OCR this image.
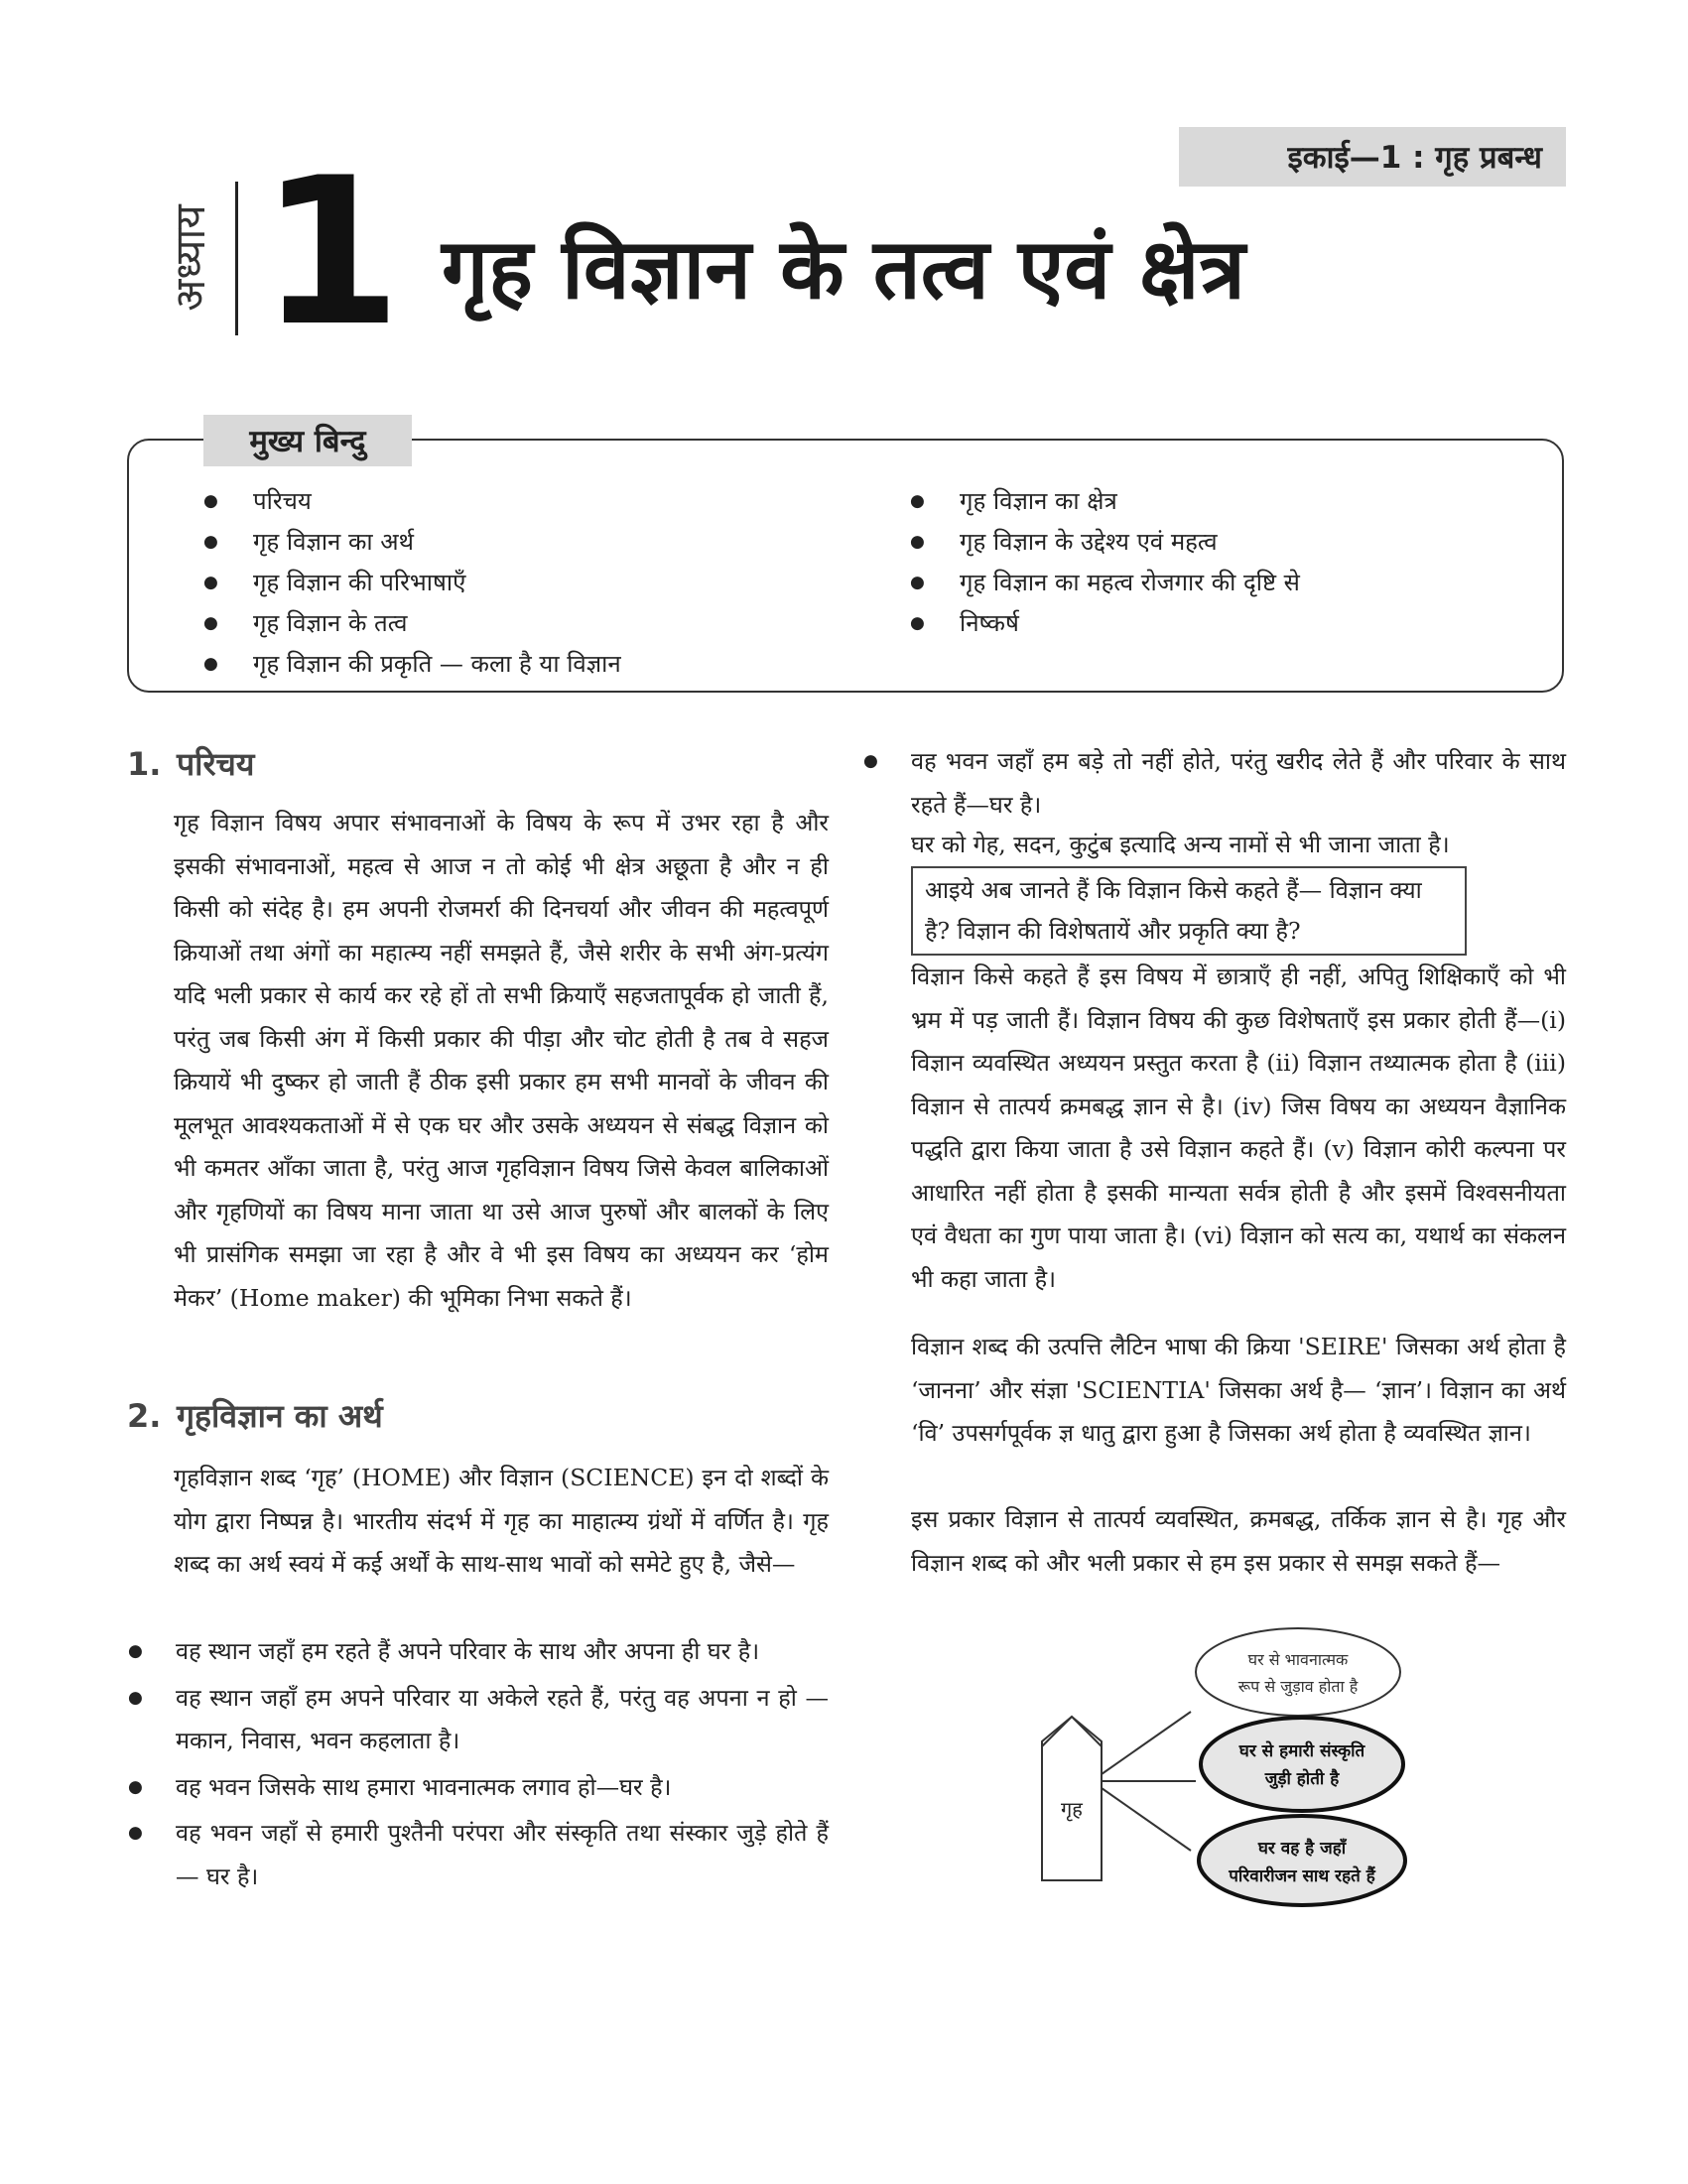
इकाई—1 : गृह प्रबन्ध
अध्याय 1 गृह विज्ञान के तत्व एवं क्षेत्र
मुख्य बिन्दु
● परिचय
● गृह विज्ञान का अर्थ
● गृह विज्ञान की परिभाषाएँ
● गृह विज्ञान के तत्व
● गृह विज्ञान की प्रकृति — कला है या विज्ञान
● गृह विज्ञान का क्षेत्र
● गृह विज्ञान के उद्देश्य एवं महत्व
● गृह विज्ञान का महत्व रोजगार की दृष्टि से
● निष्कर्ष
1. परिचय

गृह विज्ञान विषय अपार संभावनाओं के विषय के रूप में उभर रहा है और इसकी संभावनाओं, महत्व से आज न तो कोई भी क्षेत्र अछूता है और न ही किसी को संदेह है। हम अपनी रोजमर्रा की दिनचर्या और जीवन की महत्वपूर्ण क्रियाओं तथा अंगों का महात्म्य नहीं समझते हैं, जैसे शरीर के सभी अंग-प्रत्यंग यदि भली प्रकार से कार्य कर रहे हों तो सभी क्रियाएँ सहजतापूर्वक हो जाती हैं, परंतु जब किसी अंग में किसी प्रकार की पीड़ा और चोट होती है तब वे सहज क्रियायें भी दुष्कर हो जाती हैं ठीक इसी प्रकार हम सभी मानवों के जीवन की मूलभूत आवश्यकताओं में से एक घर और उसके अध्ययन से संबद्ध विज्ञान को भी कमतर आँका जाता है, परंतु आज गृहविज्ञान विषय जिसे केवल बालिकाओं और गृहणियों का विषय माना जाता था उसे आज पुरुषों और बालकों के लिए भी प्रासंगिक समझा जा रहा है और वे भी इस विषय का अध्ययन कर ‘होम मेकर’ (Home maker) की भूमिका निभा सकते हैं।

2. गृहविज्ञान का अर्थ

गृहविज्ञान शब्द ‘गृह’ (HOME) और विज्ञान (SCIENCE) इन दो शब्दों के योग द्वारा निष्पन्न है। भारतीय संदर्भ में गृह का माहात्म्य ग्रंथों में वर्णित है। गृह शब्द का अर्थ स्वयं में कई अर्थों के साथ-साथ भावों को समेटे हुए है, जैसे—

● वह स्थान जहाँ हम रहते हैं अपने परिवार के साथ और अपना ही घर है।
● वह स्थान जहाँ हम अपने परिवार या अकेले रहते हैं, परंतु वह अपना न हो — मकान, निवास, भवन कहलाता है।
● वह भवन जिसके साथ हमारा भावनात्मक लगाव हो—घर है।
● वह भवन जहाँ से हमारी पुश्तैनी परंपरा और संस्कृति तथा संस्कार जुड़े होते हैं— घर है।
● वह भवन जहाँ हम बड़े तो नहीं होते, परंतु खरीद लेते हैं और परिवार के साथ रहते हैं—घर है।

घर को गेह, सदन, कुटुंब इत्यादि अन्य नामों से भी जाना जाता है।

आइये अब जानते हैं कि विज्ञान किसे कहते हैं— विज्ञान क्या है? विज्ञान की विशेषतायें और प्रकृति क्या है?

विज्ञान किसे कहते हैं इस विषय में छात्राएँ ही नहीं, अपितु शिक्षिकाएँ को भी भ्रम में पड़ जाती हैं। विज्ञान विषय की कुछ विशेषताएँ इस प्रकार होती हैं—(i) विज्ञान व्यवस्थित अध्ययन प्रस्तुत करता है (ii) विज्ञान तथ्यात्मक होता है (iii) विज्ञान से तात्पर्य क्रमबद्ध ज्ञान से है। (iv) जिस विषय का अध्ययन वैज्ञानिक पद्धति द्वारा किया जाता है उसे विज्ञान कहते हैं। (v) विज्ञान कोरी कल्पना पर आधारित नहीं होता है इसकी मान्यता सर्वत्र होती है और इसमें विश्वसनीयता एवं वैधता का गुण पाया जाता है। (vi) विज्ञान को सत्य का, यथार्थ का संकलन भी कहा जाता है।

विज्ञान शब्द की उत्पत्ति लैटिन भाषा की क्रिया 'SEIRE' जिसका अर्थ होता है ‘जानना’ और संज्ञा 'SCIENTIA' जिसका अर्थ है— ‘ज्ञान’। विज्ञान का अर्थ ‘वि’ उपसर्गपूर्वक ज्ञ धातु द्वारा हुआ है जिसका अर्थ होता है व्यवस्थित ज्ञान।

इस प्रकार विज्ञान से तात्पर्य व्यवस्थित, क्रमबद्ध, तर्किक ज्ञान से है। गृह और विज्ञान शब्द को और भली प्रकार से हम इस प्रकार से समझ सकते हैं—

गृह
घर से भावनात्मक
रूप से जुड़ाव होता है
घर से हमारी संस्कृति
जुड़ी होती है
घर वह है जहाँ
परिवारीजन साथ रहते हैं
